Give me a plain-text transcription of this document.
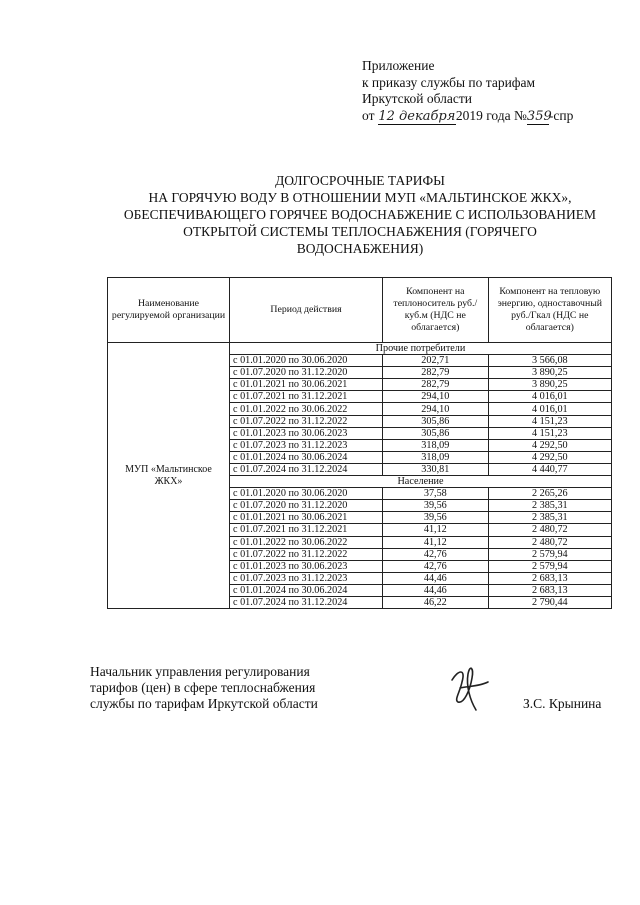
Приложение
к приказу службы по тарифам
Иркутской области
от 12 декабря2019 года №359-спр
ДОЛГОСРОЧНЫЕ ТАРИФЫ
НА ГОРЯЧУЮ ВОДУ В ОТНОШЕНИИ МУП «МАЛЬТИНСКОЕ ЖКХ»,
ОБЕСПЕЧИВАЮЩЕГО ГОРЯЧЕЕ ВОДОСНАБЖЕНИЕ С ИСПОЛЬЗОВАНИЕМ
ОТКРЫТОЙ СИСТЕМЫ ТЕПЛОСНАБЖЕНИЯ (ГОРЯЧЕГО
ВОДОСНАБЖЕНИЯ)
Наименование регулируемой организации	Период действия	Компонент на теплоноситель руб./куб.м (НДС не облагается)	Компонент на тепловую энергию, одноставочный руб./Гкал (НДС не облагается)
МУП «Мальтинское ЖКХ»	Прочие потребители		
	с 01.01.2020 по 30.06.2020	202,71	3 566,08
	с 01.07.2020 по 31.12.2020	282,79	3 890,25
	с 01.01.2021 по 30.06.2021	282,79	3 890,25
	с 01.07.2021 по 31.12.2021	294,10	4 016,01
	с 01.01.2022 по 30.06.2022	294,10	4 016,01
	с 01.07.2022 по 31.12.2022	305,86	4 151,23
	с 01.01.2023 по 30.06.2023	305,86	4 151,23
	с 01.07.2023 по 31.12.2023	318,09	4 292,50
	с 01.01.2024 по 30.06.2024	318,09	4 292,50
	с 01.07.2024 по 31.12.2024	330,81	4 440,77
	Население		
	с 01.01.2020 по 30.06.2020	37,58	2 265,26
	с 01.07.2020 по 31.12.2020	39,56	2 385,31
	с 01.01.2021 по 30.06.2021	39,56	2 385,31
	с 01.07.2021 по 31.12.2021	41,12	2 480,72
	с 01.01.2022 по 30.06.2022	41,12	2 480,72
	с 01.07.2022 по 31.12.2022	42,76	2 579,94
	с 01.01.2023 по 30.06.2023	42,76	2 579,94
	с 01.07.2023 по 31.12.2023	44,46	2 683,13
	с 01.01.2024 по 30.06.2024	44,46	2 683,13
	с 01.07.2024 по 31.12.2024	46,22	2 790,44
Начальник управления регулирования
тарифов (цен) в сфере теплоснабжения
службы по тарифам Иркутской области	З.С. Крынина
